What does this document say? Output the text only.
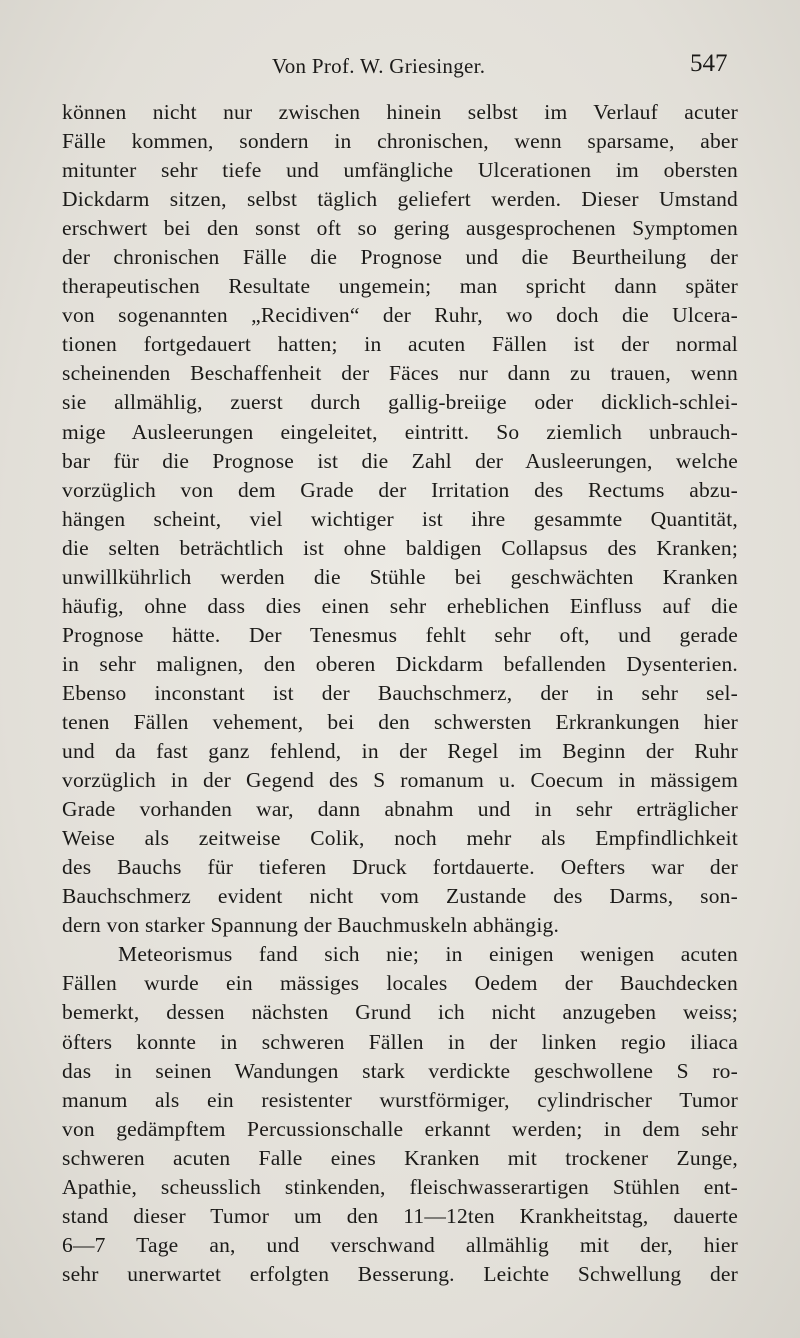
Von Prof. W. Griesinger.	547
können nicht nur zwischen hinein selbst im Verlauf acuter
Fälle kommen, sondern in chronischen, wenn sparsame, aber
mitunter sehr tiefe und umfängliche Ulcerationen im obersten
Dickdarm sitzen, selbst täglich geliefert werden. Dieser Umstand
erschwert bei den sonst oft so gering ausgesprochenen Symptomen
der chronischen Fälle die Prognose und die Beurtheilung der
therapeutischen Resultate ungemein; man spricht dann später
von sogenannten „Recidiven“ der Ruhr, wo doch die Ulcera-
tionen fortgedauert hatten; in acuten Fällen ist der normal
scheinenden Beschaffenheit der Fäces nur dann zu trauen, wenn
sie allmählig, zuerst durch gallig-breiige oder dicklich-schlei-
mige Ausleerungen eingeleitet, eintritt. So ziemlich unbrauch-
bar für die Prognose ist die Zahl der Ausleerungen, welche
vorzüglich von dem Grade der Irritation des Rectums abzu-
hängen scheint, viel wichtiger ist ihre gesammte Quantität,
die selten beträchtlich ist ohne baldigen Collapsus des Kranken;
unwillkührlich werden die Stühle bei geschwächten Kranken
häufig, ohne dass dies einen sehr erheblichen Einfluss auf die
Prognose hätte. Der Tenesmus fehlt sehr oft, und gerade
in sehr malignen, den oberen Dickdarm befallenden Dysenterien.
Ebenso inconstant ist der Bauchschmerz, der in sehr sel-
tenen Fällen vehement, bei den schwersten Erkrankungen hier
und da fast ganz fehlend, in der Regel im Beginn der Ruhr
vorzüglich in der Gegend des S romanum u. Coecum in mässigem
Grade vorhanden war, dann abnahm und in sehr erträglicher
Weise als zeitweise Colik, noch mehr als Empfindlichkeit
des Bauchs für tieferen Druck fortdauerte. Oefters war der
Bauchschmerz evident nicht vom Zustande des Darms, son-
dern von starker Spannung der Bauchmuskeln abhängig.
Meteorismus fand sich nie; in einigen wenigen acuten
Fällen wurde ein mässiges locales Oedem der Bauchdecken
bemerkt, dessen nächsten Grund ich nicht anzugeben weiss;
öfters konnte in schweren Fällen in der linken regio iliaca
das in seinen Wandungen stark verdickte geschwollene S ro-
manum als ein resistenter wurstförmiger, cylindrischer Tumor
von gedämpftem Percussionschalle erkannt werden; in dem sehr
schweren acuten Falle eines Kranken mit trockener Zunge,
Apathie, scheusslich stinkenden, fleischwasserartigen Stühlen ent-
stand dieser Tumor um den 11—12ten Krankheitstag, dauerte
6—7 Tage an, und verschwand allmählig mit der, hier
sehr unerwartet erfolgten Besserung. Leichte Schwellung der
